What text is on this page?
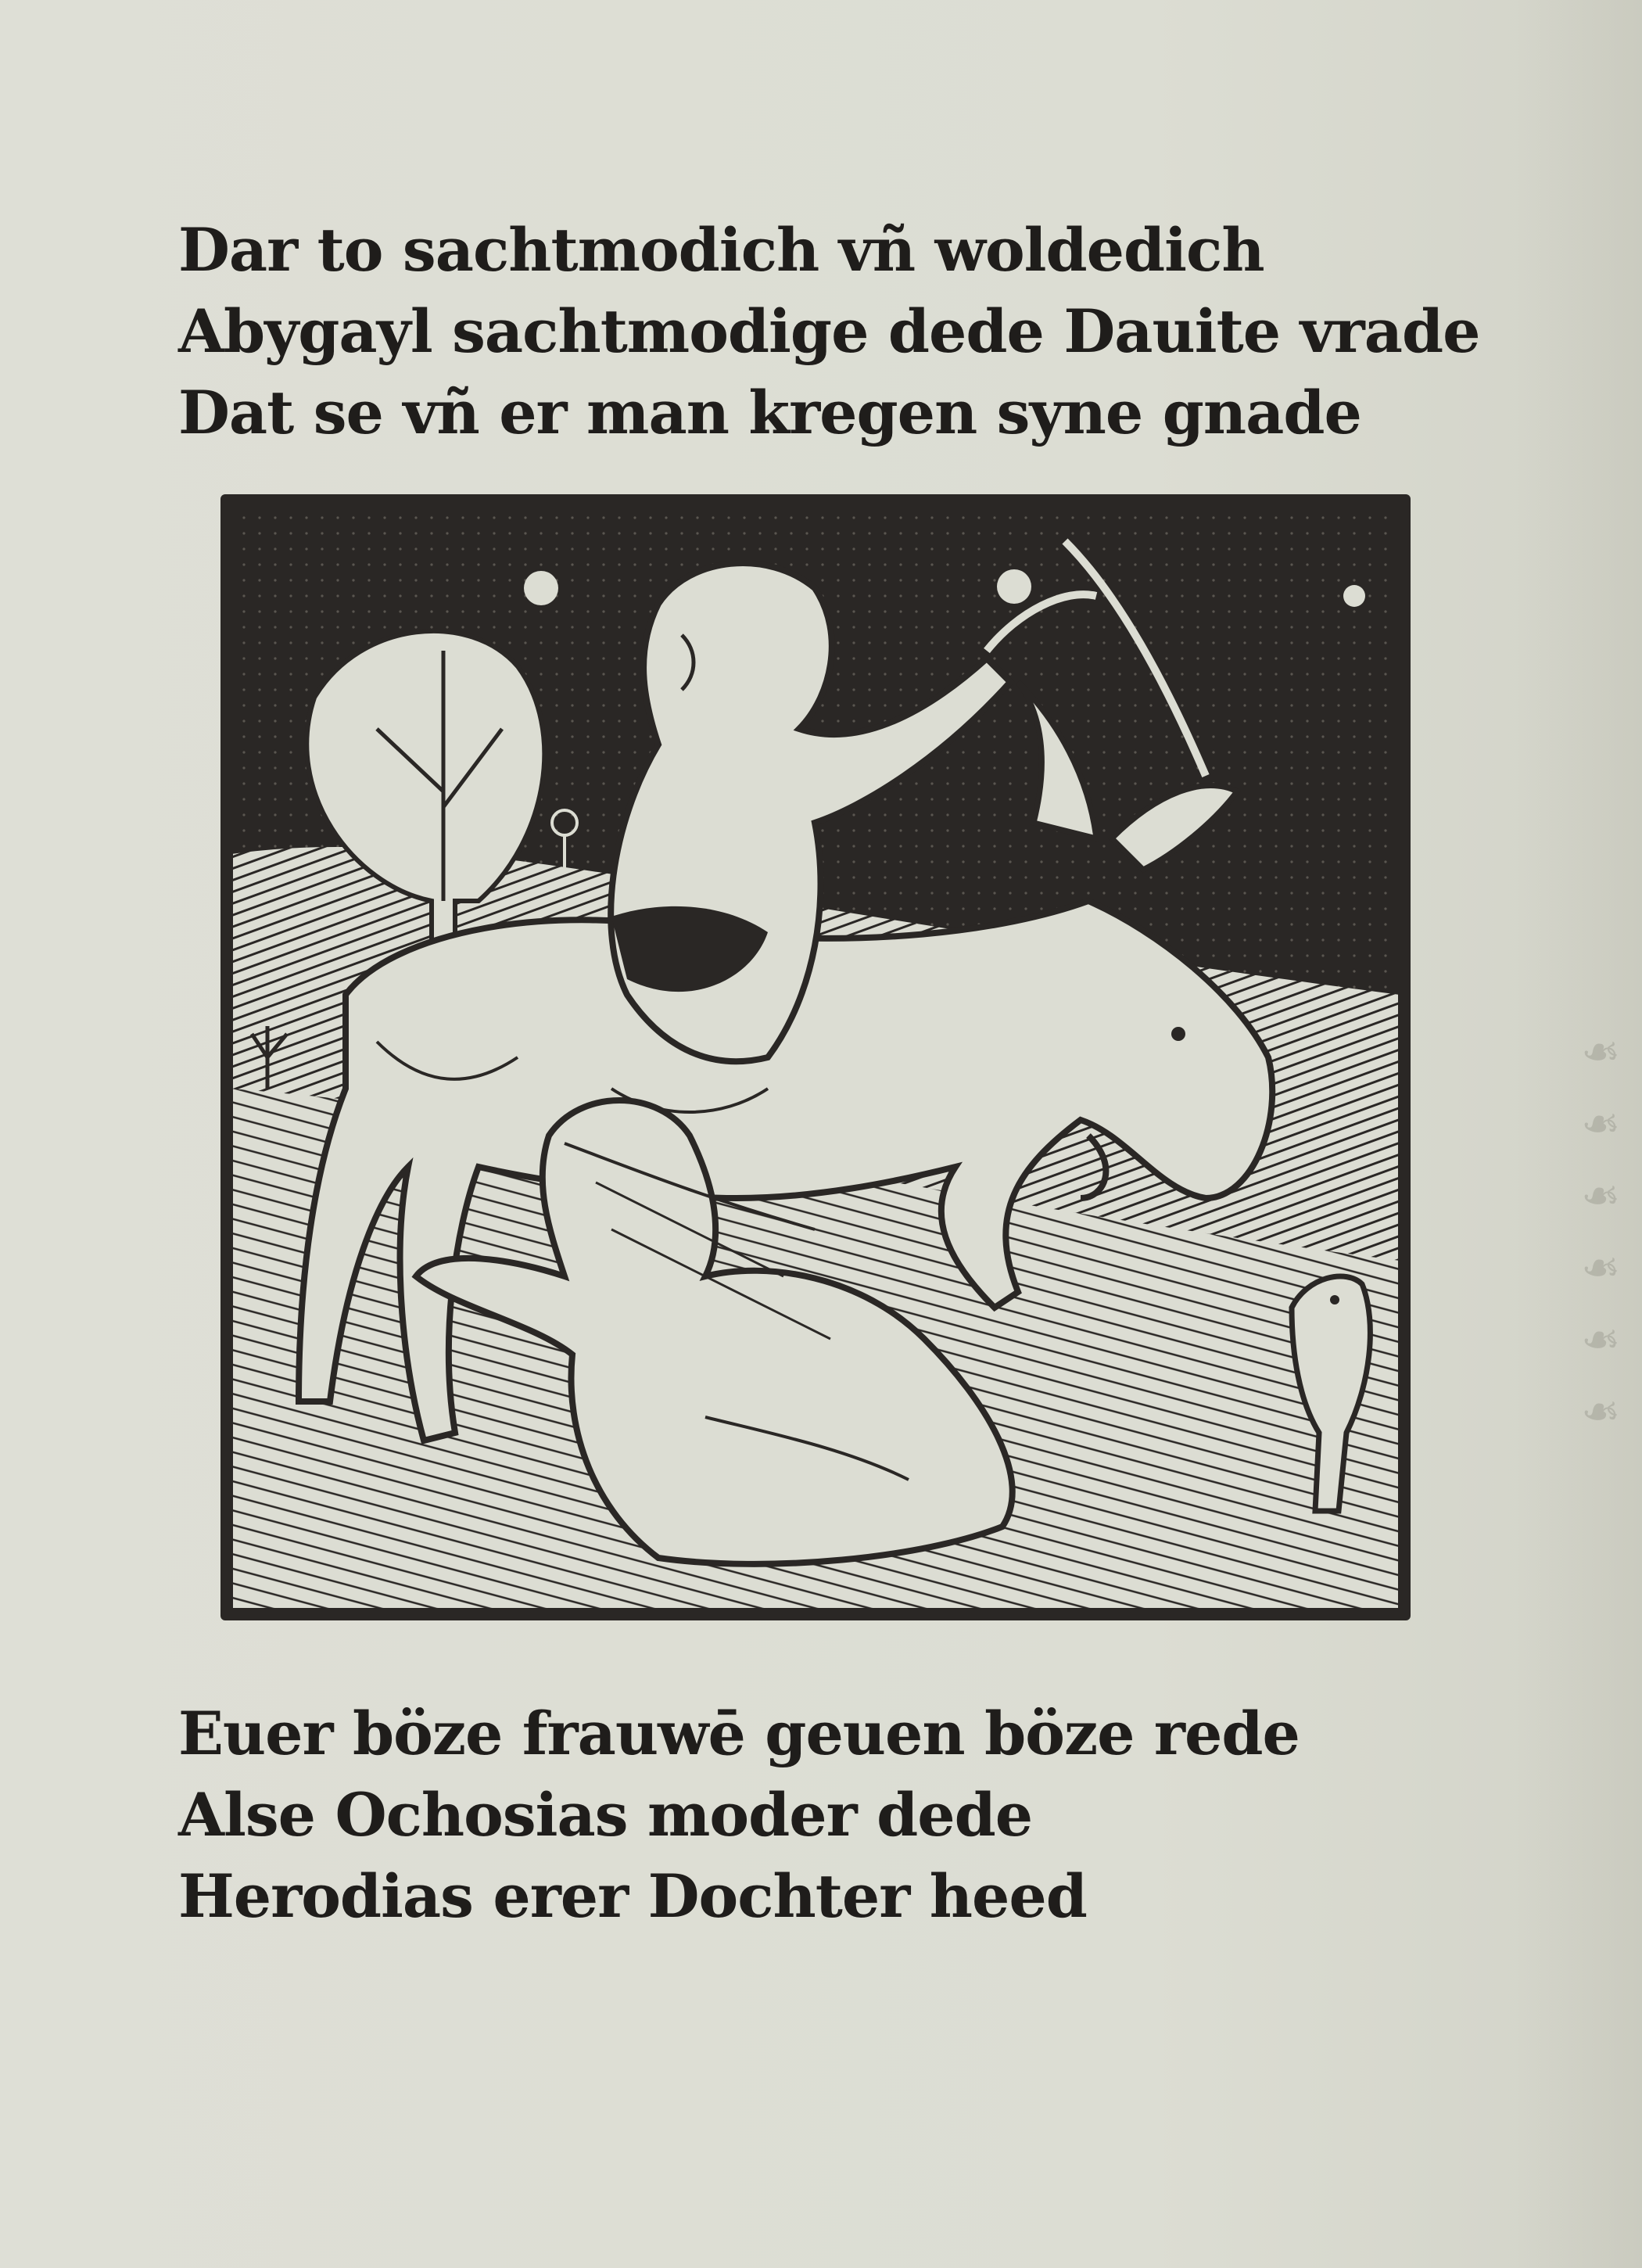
❧
❧
❧
❧
❧
❧
Dar to sachtmodich vñ woldedich
Abygayl sachtmodige dede Dauite vrade
Dat se vñ er man kregen syne gnade
Euer böze frauwē geuen böze rede
Alse Ochosias moder dede
Herodias erer Dochter heed
